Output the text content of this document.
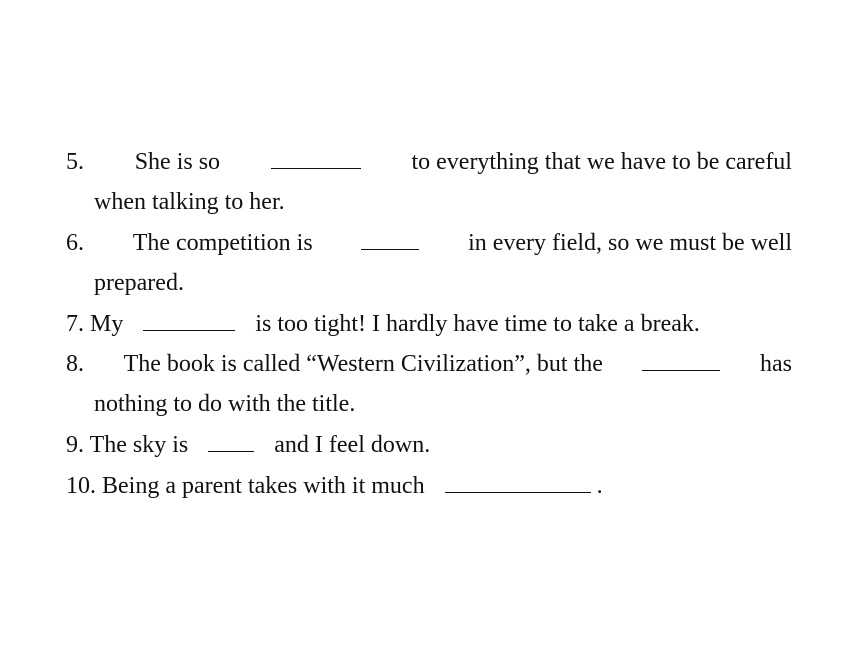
5. She is so	to everything that we have to be careful
when talking to her.
6. The competition is	in every field, so we must be well
prepared.
7. My	is too tight! I hardly have time to take a break.
8. The book is called “Western Civilization”, but the	has
nothing to do with the title.
9. The sky is	and I feel down.
10. Being a parent takes with it much	.
